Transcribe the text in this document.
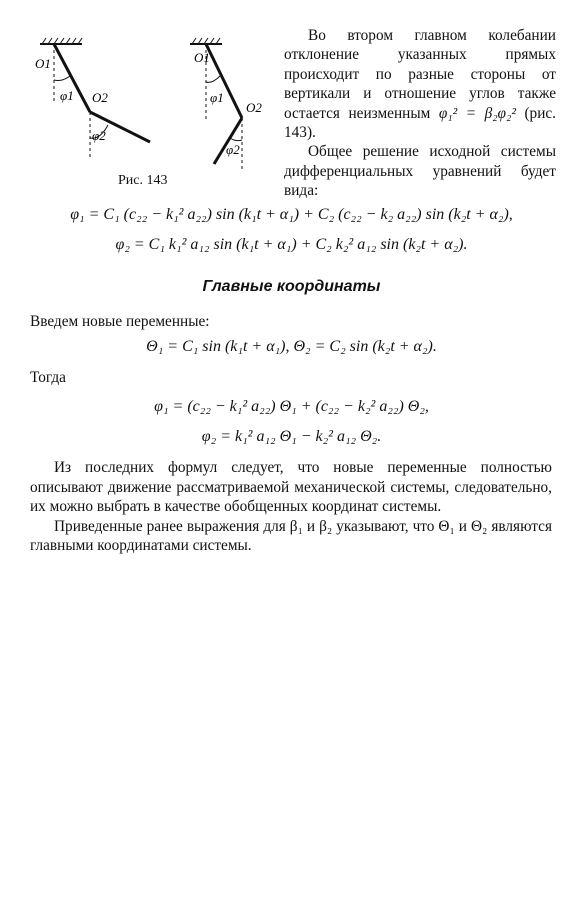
O1
φ1 O2
φ2
O1
φ1
O2
φ2
Рис. 143

Во втором главном колебании отклонение указанных прямых происходит по разные стороны от вертикали и отношение углов также остается неизменным φ₁² = β₂φ₂² (рис. 143).

Общее решение исходной системы дифференциальных уравнений будет вида:

φ₁ = C₁ (c₂₂ − k₁² a₂₂) sin (k₁t + α₁) + C₂ (c₂₂ − k₂ a₂₂) sin (k₂t + α₂),
φ₂ = C₁ k₁² a₁₂ sin (k₁t + α₁) + C₂ k₂² a₁₂ sin (k₂t + α₂).
Главные координаты
Введем новые переменные:
Θ₁ = C₁ sin (k₁t + α₁), Θ₂ = C₂ sin (k₂t + α₂).
Тогда
φ₁ = (c₂₂ − k₁² a₂₂) Θ₁ + (c₂₂ − k₂² a₂₂) Θ₂,
φ₂ = k₁² a₁₂ Θ₁ − k₂² a₁₂ Θ₂.

Из последних формул следует, что новые переменные полностью описывают движение рассматриваемой механической системы, следовательно, их можно выбрать в качестве обобщенных координат системы.

Приведенные ранее выражения для β₁ и β₂ указывают, что Θ₁ и Θ₂ являются главными координатами системы.
